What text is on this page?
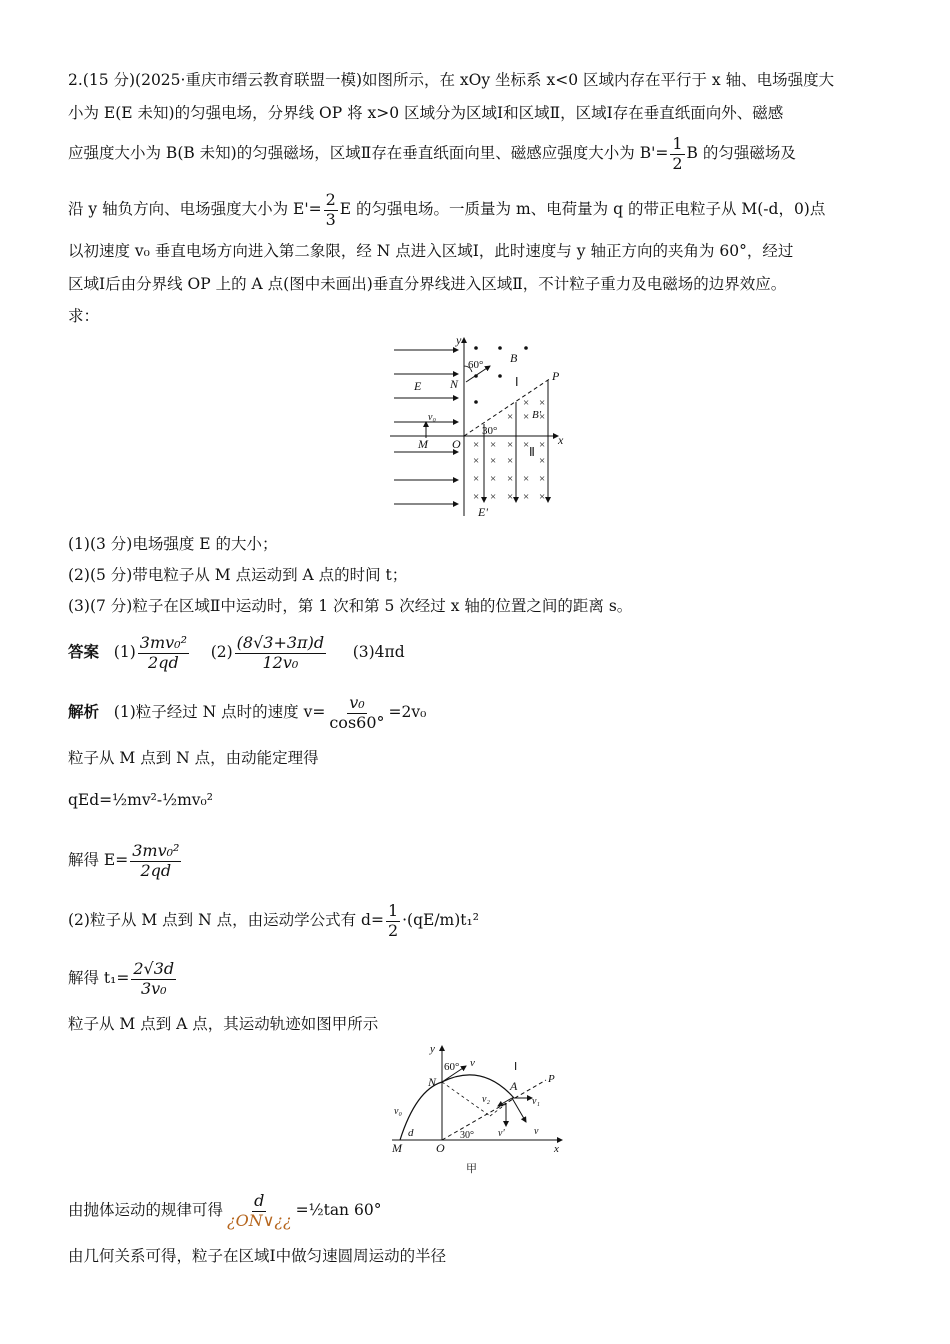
2.(15 分)(2025·重庆市缙云教育联盟一模)如图所示，在 xOy 坐标系 x<0 区域内存在平行于 x 轴、电场强度大
小为 E(E 未知)的匀强电场，分界线 OP 将 x>0 区域分为区域Ⅰ和区域Ⅱ，区域Ⅰ存在垂直纸面向外、磁感
应强度大小为 B(B 未知)的匀强磁场，区域Ⅱ存在垂直纸面向里、磁感应强度大小为 $B'= \frac{1}{2}$ B 的匀强磁场及
沿 y 轴负方向、电场强度大小为 $E'= \frac{2}{3}$ E 的匀强电场。一质量为 m、电荷量为 q 的带正电粒子从 M(-d，0)点
以初速度 v₀ 垂直电场方向进入第二象限，经 N 点进入区域Ⅰ，此时速度与 y 轴正方向的夹角为 60°，经过
区域Ⅰ后由分界线 OP 上的 A 点(图中未画出)垂直分界线进入区域Ⅱ，不计粒子重力及电磁场的边界效应。
求：
× ×
× × ×
× × × × ×
× × × ×
× × × × ×
× × × × ×
y
60° B
Ⅰ	P
E N
v₀	B'
M O
30°
x
Ⅱ
E'
(1)(3 分)电场强度 E 的大小；
(2)(5 分)带电粒子从 M 点运动到 A 点的时间 t；
(3)(7 分)粒子在区域Ⅱ中运动时，第 1 次和第 5 次经过 x 轴的位置之间的距离 s。
答案 $(1) \frac{\text{3mv₀²}}{2qd} (2) \frac{(8√3+3\pi)d}{\text{12v₀}} (3)4\pi d$
解析 (1)粒子经过 N 点时的速度 $v= \frac{\text{v₀}}{\cos 60^\circ} =2v_0$
粒子从 M 点到 N 点，由动能定理得
qEd=½mv²-½mv₀²
解得 $E= \frac{\text{3mv₀²}}{2qd}$
(2)粒子从 M 点到 N 点，由运动学公式有 $d= \frac{1}{2} \cdot(qE/m)t_1^2$
解得 $t_1= \frac{2√3d}{\text{3v₀}}$
粒子从 M 点到 A 点，其运动轨迹如图甲所示
y
60° v	Ⅰ
N	A	P
v₂	v₁
v₀
v'	v
d	30°
M	O	x
甲
由抛体运动的规律可得 $\frac{d}{¿ON\vee¿¿}$ =½tan 60°
由几何关系可得，粒子在区域Ⅰ中做匀速圆周运动的半径
